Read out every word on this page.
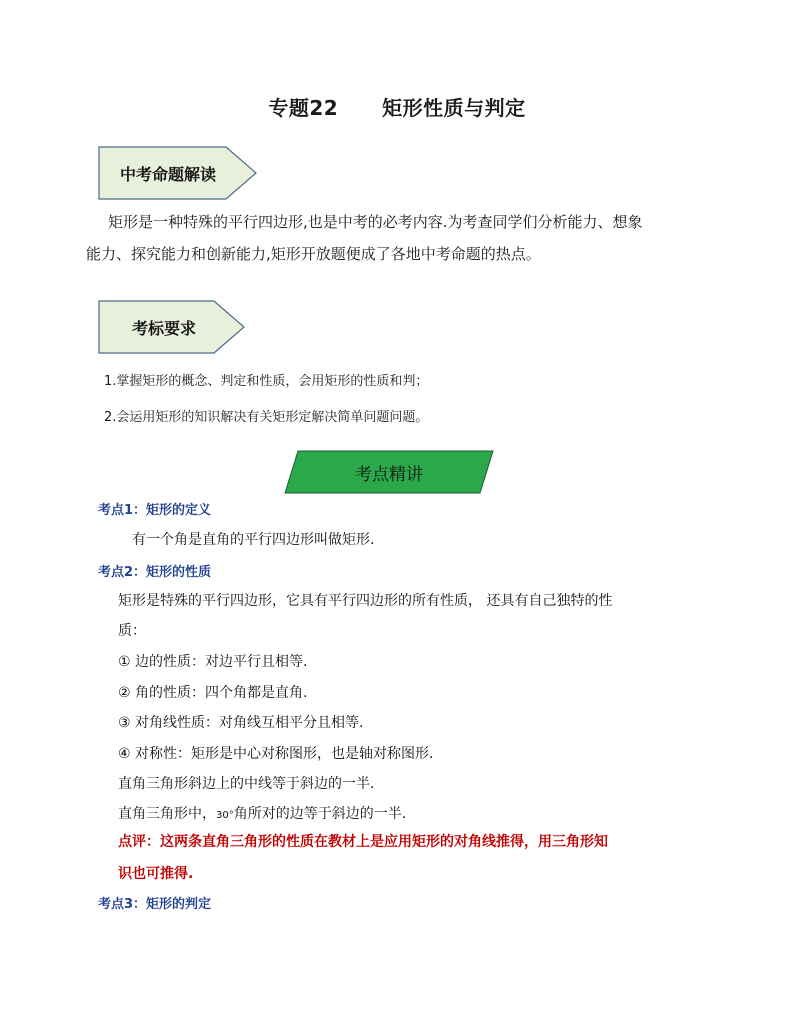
专题22 矩形性质与判定
中考命题解读
矩形是一种特殊的平行四边形,也是中考的必考内容.为考查同学们分析能力、想象
能力、探究能力和创新能力,矩形开放题便成了各地中考命题的热点。
考标要求
1.掌握矩形的概念、判定和性质，会用矩形的性质和判；
2.会运用矩形的知识解决有关矩形定解决简单问题问题。
考点精讲
考点1：矩形的定义
有一个角是直角的平行四边形叫做矩形.
考点2：矩形的性质
矩形是特殊的平行四边形，它具有平行四边形的所有性质， 还具有自己独特的性
质：
① 边的性质：对边平行且相等.
② 角的性质：四个角都是直角.
③ 对角线性质：对角线互相平分且相等.
④ 对称性：矩形是中心对称图形，也是轴对称图形.
直角三角形斜边上的中线等于斜边的一半.
直角三角形中，30°角所对的边等于斜边的一半.
点评：这两条直角三角形的性质在教材上是应用矩形的对角线推得，用三角形知
识也可推得.
考点3：矩形的判定
